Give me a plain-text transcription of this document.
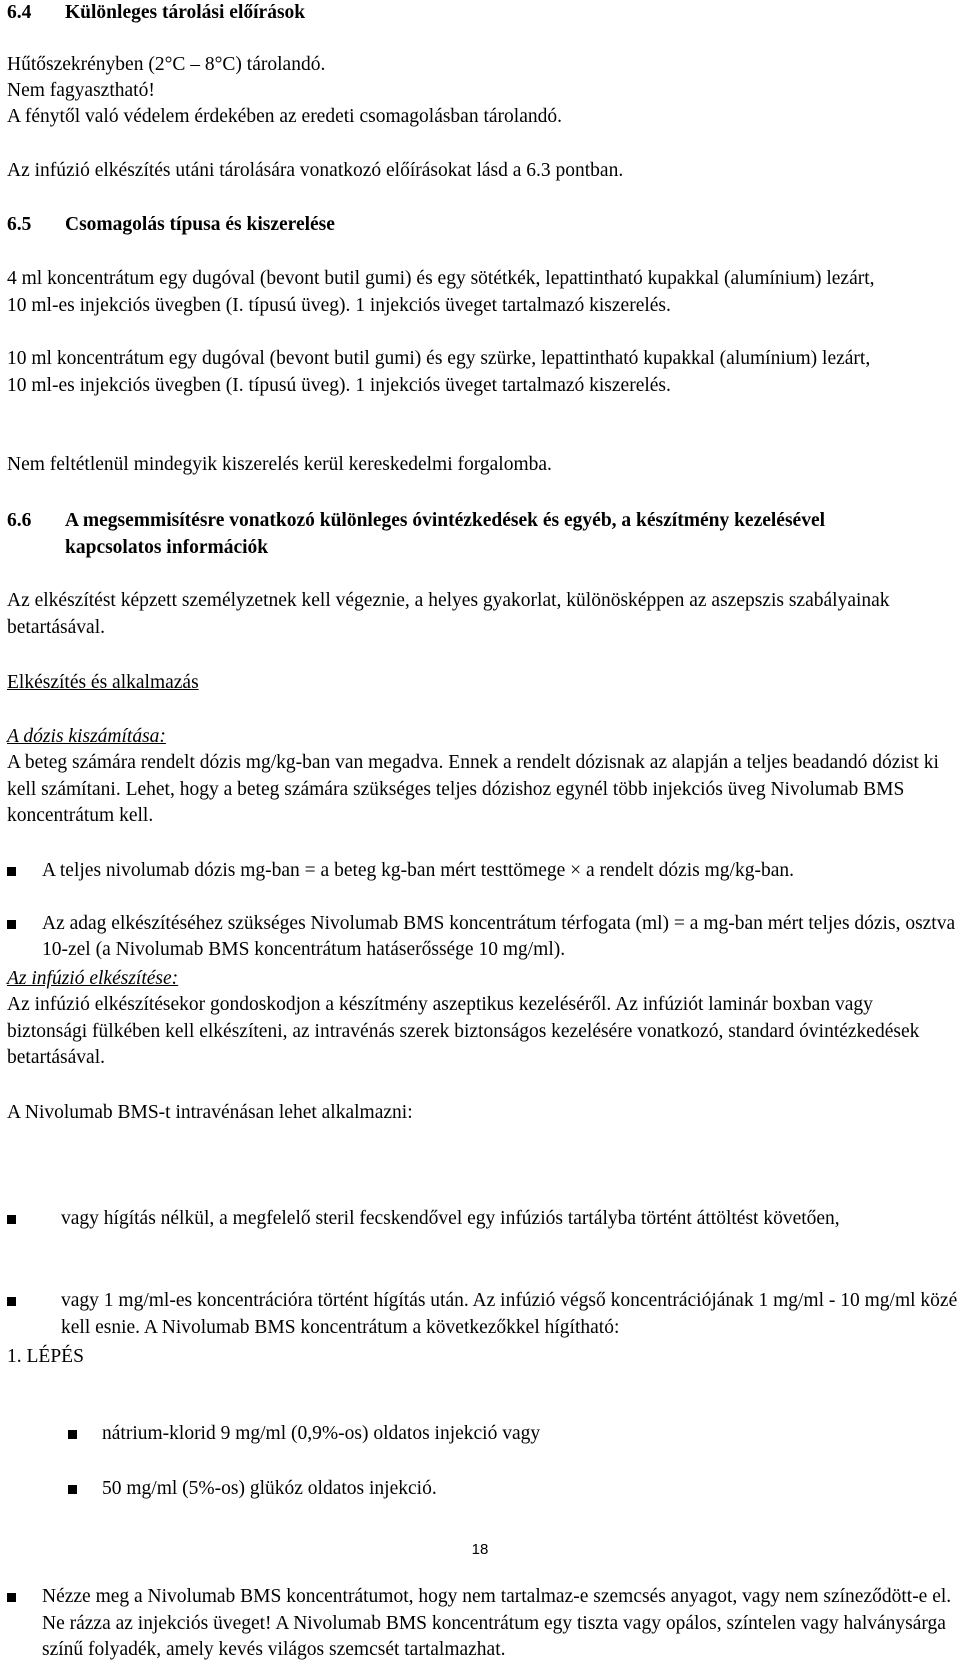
6.4 Különleges tárolási előírások
Hűtőszekrényben (2°C – 8°C) tárolandó.
Nem fagyasztható!
A fénytől való védelem érdekében az eredeti csomagolásban tárolandó.
Az infúzió elkészítés utáni tárolására vonatkozó előírásokat lásd a 6.3 pontban.
6.5 Csomagolás típusa és kiszerelése
4 ml koncentrátum egy dugóval (bevont butil gumi) és egy sötétkék, lepattintható kupakkal (alumínium) lezárt, 10 ml-es injekciós üvegben (I. típusú üveg). 1 injekciós üveget tartalmazó kiszerelés.
10 ml koncentrátum egy dugóval (bevont butil gumi) és egy szürke, lepattintható kupakkal (alumínium) lezárt, 10 ml-es injekciós üvegben (I. típusú üveg). 1 injekciós üveget tartalmazó kiszerelés.
Nem feltétlenül mindegyik kiszerelés kerül kereskedelmi forgalomba.
6.6	A megsemmisítésre vonatkozó különleges óvintézkedések és egyéb, a készítmény kezelésével kapcsolatos információk
Az elkészítést képzett személyzetnek kell végeznie, a helyes gyakorlat, különösképpen az aszepszis szabályainak betartásával.
Elkészítés és alkalmazás
A dózis kiszámítása:
A beteg számára rendelt dózis mg/kg-ban van megadva. Ennek a rendelt dózisnak az alapján a teljes beadandó dózist ki kell számítani. Lehet, hogy a beteg számára szükséges teljes dózishoz egynél több injekciós üveg Nivolumab BMS koncentrátum kell.
A teljes nivolumab dózis mg-ban = a beteg kg-ban mért testtömege × a rendelt dózis mg/kg-ban.
Az adag elkészítéséhez szükséges Nivolumab BMS koncentrátum térfogata (ml) = a mg-ban mért teljes dózis, osztva 10-zel (a Nivolumab BMS koncentrátum hatáserőssége 10 mg/ml).
Az infúzió elkészítése:
Az infúzió elkészítésekor gondoskodjon a készítmény aszeptikus kezeléséről. Az infúziót laminár boxban vagy biztonsági fülkében kell elkészíteni, az intravénás szerek biztonságos kezelésére vonatkozó, standard óvintézkedések betartásával.
A Nivolumab BMS-t intravénásan lehet alkalmazni:
vagy hígítás nélkül, a megfelelő steril fecskendővel egy infúziós tartályba történt áttöltést követően,
vagy 1 mg/ml-es koncentrációra történt hígítás után. Az infúzió végső koncentrációjának 1 mg/ml - 10 mg/ml közé kell esnie. A Nivolumab BMS koncentrátum a következőkkel hígítható:
nátrium-klorid 9 mg/ml (0,9%-os) oldatos injekció vagy
50 mg/ml (5%-os) glükóz oldatos injekció.
1. LÉPÉS
Nézze meg a Nivolumab BMS koncentrátumot, hogy nem tartalmaz-e szemcsés anyagot, vagy nem színeződött-e el. Ne rázza az injekciós üveget! A Nivolumab BMS koncentrátum egy tiszta vagy opálos, színtelen vagy halványsárga színű folyadék, amely kevés világos szemcsét tartalmazhat.
18
